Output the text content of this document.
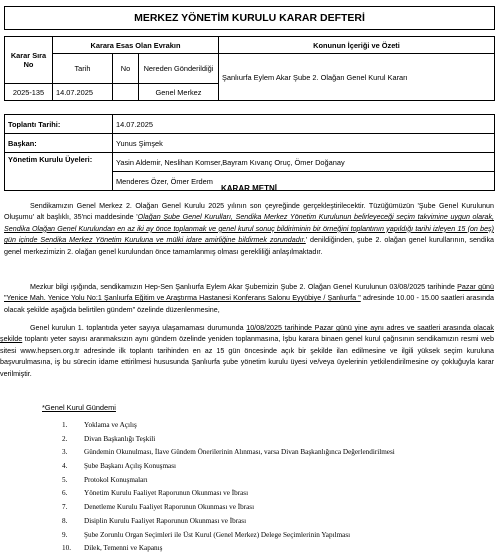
MERKEZ YÖNETİM KURULU KARAR DEFTERİ
Karar Sıra No	Karara Esas Olan Evrakın			Konunun İçeriği ve Özeti
	Tarih	No	Nereden Gönderildiği	Şanlıurfa Eylem Akar Şube 2. Olağan Genel Kurul Kararı
2025-135	14.07.2025		Genel Merkez	
Toplantı Tarihi:	14.07.2025
Başkan:	Yunus Şimşek
Yönetim Kurulu Üyeleri:	Yasin Aldemir, Neslihan Komser,Bayram Kıvanç Oruç, Ömer Doğanay
	Menderes Özer, Ömer Erdem
KARAR METNİ
Sendikamızın Genel Merkez 2. Olağan Genel Kurulu 2025 yılının son çeyreğinde gerçekleştirilecektir. Tüzüğümüzün 'Şube Genel Kurulunun Oluşumu' alt başlıklı, 35'nci maddesinde 'Olağan Şube Genel Kurulları, Sendika Merkez Yönetim Kurulunun belirleyeceği seçim takvimine uygun olarak, Sendika Olağan Genel Kurulundan en az iki ay önce toplanmak ve genel kurul sonuç bildiriminin bir örneğini toplantının yapıldığı tarihi izleyen 15 (on beş) gün içinde Sendika Merkez Yönetim Kuruluna ve mülki idare amirliğine bildirmek zorundadır.' denildiğinden, şube 2. olağan genel kurullarının, sendika genel merkezimizin 2. olağan genel kurulundan önce tamamlanmış olması gerekliliği anlaşılmaktadır.
Mezkur bilgi ışığında, sendikamızın Hep-Sen Şanlıurfa Eylem Akar Şubemizin Şube 2. Olağan Genel Kurulunun 03/08/2025 tarihinde Pazar günü "Yenice Mah. Yenice Yolu No:1 Şanlıurfa Eğitim ve Araştırma Hastanesi Konferans Salonu Eyyübiye / Şanlıurfa " adresinde 10.00 - 15.00 saatleri arasında olacak şekilde aşağıda belirtilen gündem" özelinde düzenlenmesine,
Genel kurulun 1. toplantıda yeter sayıya ulaşamaması durumunda 10/08/2025 tarihinde Pazar günü yine aynı adres ve saatleri arasında olacak şekilde toplantı yeter sayısı aranmaksızın aynı gündem özelinde yeniden toplanmasına, İşbu karara binaen genel kurul çağrısının sendikamızın resmi web sitesi www.hepsen.org.tr adresinde ilk toplantı tarihinden en az 15 gün öncesinde açık bir şekilde ilan edilmesine ve ilgili yüksek seçim kuruluna başvurulmasına, iş bu sürecin idame ettirilmesi hususunda Şanlıurfa şube yönetim kurulu üyesi ve/veya üyelerinin yetkilendirilmesine oy çokluğuyla karar verilmiştir.
*Genel Kurul Gündemi
1. Yoklama ve Açılış
2. Divan Başkanlığı Teşkili
3. Gündemin Okunulması, İlave Gündem Önerilerinin Alınması, varsa Divan Başkanlığınca Değerlendirilmesi
4. Şube Başkanı Açılış Konuşması
5. Protokol Konuşmaları
6. Yönetim Kurulu Faaliyet Raporunun Okunması ve İbrası
7. Denetleme Kurulu Faaliyet Raporunun Okunması ve İbrası
8. Disiplin Kurulu Faaliyet Raporunun Okunması ve İbrası
9. Şube Zorunlu Organ Seçimleri ile Üst Kurul (Genel Merkez) Delege Seçimlerinin Yapılması
10. Dilek, Temenni ve Kapanış
